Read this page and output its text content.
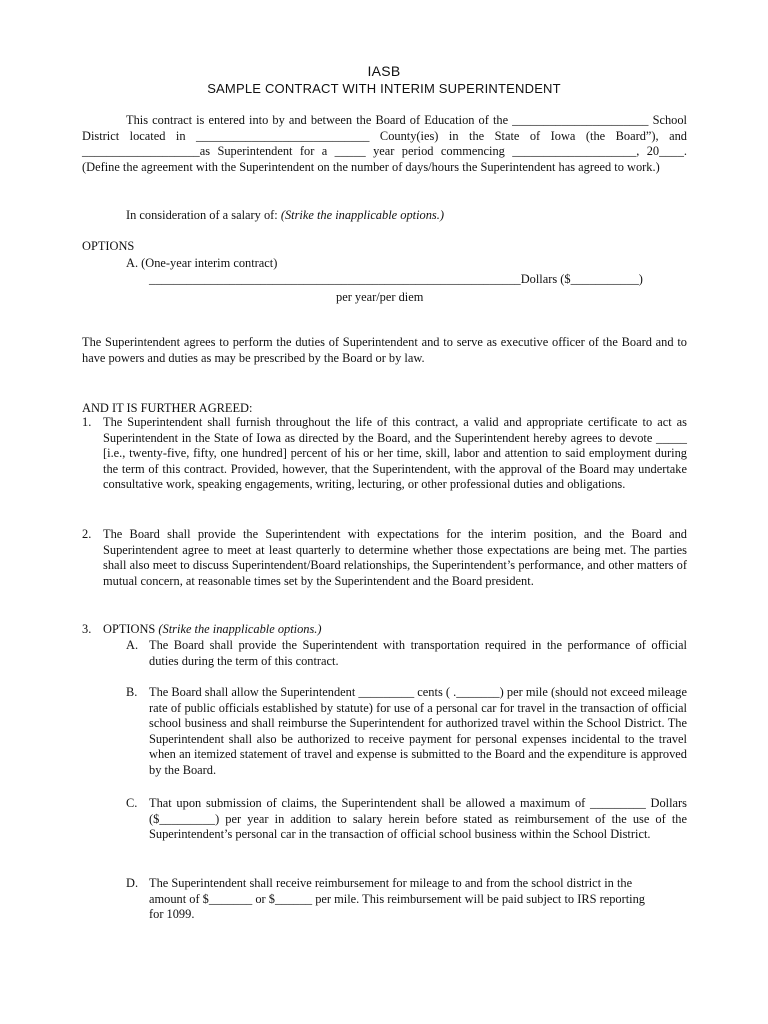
IASB
SAMPLE CONTRACT WITH INTERIM SUPERINTENDENT
This contract is entered into by and between the Board of Education of the ______________________ School District located in ____________________________ County(ies) in the State of Iowa (the Board”), and ___________________as Superintendent for a _____ year period commencing ____________________, 20____. (Define the agreement with the Superintendent on the number of days/hours the Superintendent has agreed to work.)
In consideration of a salary of: (Strike the inapplicable options.)
OPTIONS
A. (One-year interim contract)
____________________________________________________________Dollars ($___________)
per year/per diem
The Superintendent agrees to perform the duties of Superintendent and to serve as executive officer of the Board and to have powers and duties as may be prescribed by the Board or by law.
AND IT IS FURTHER AGREED:
1. The Superintendent shall furnish throughout the life of this contract, a valid and appropriate certificate to act as Superintendent in the State of Iowa as directed by the Board, and the Superintendent hereby agrees to devote _____ [i.e., twenty-five, fifty, one hundred] percent of his or her time, skill, labor and attention to said employment during the term of this contract. Provided, however, that the Superintendent, with the approval of the Board may undertake consultative work, speaking engagements, writing, lecturing, or other professional duties and obligations.
2. The Board shall provide the Superintendent with expectations for the interim position, and the Board and Superintendent agree to meet at least quarterly to determine whether those expectations are being met. The parties shall also meet to discuss Superintendent/Board relationships, the Superintendent’s performance, and other matters of mutual concern, at reasonable times set by the Superintendent and the Board president.
3. OPTIONS (Strike the inapplicable options.)
A. The Board shall provide the Superintendent with transportation required in the performance of official duties during the term of this contract.
B. The Board shall allow the Superintendent _________ cents ( ._______) per mile (should not exceed mileage rate of public officials established by statute) for use of a personal car for travel in the transaction of official school business and shall reimburse the Superintendent for authorized travel within the School District. The Superintendent shall also be authorized to receive payment for personal expenses incidental to the travel when an itemized statement of travel and expense is submitted to the Board and the expenditure is approved by the Board.
C. That upon submission of claims, the Superintendent shall be allowed a maximum of _________ Dollars ($_________) per year in addition to salary herein before stated as reimbursement of the use of the Superintendent’s personal car in the transaction of official school business within the School District.
D. The Superintendent shall receive reimbursement for mileage to and from the school district in the amount of $_______ or $______ per mile. This reimbursement will be paid subject to IRS reporting for 1099.
